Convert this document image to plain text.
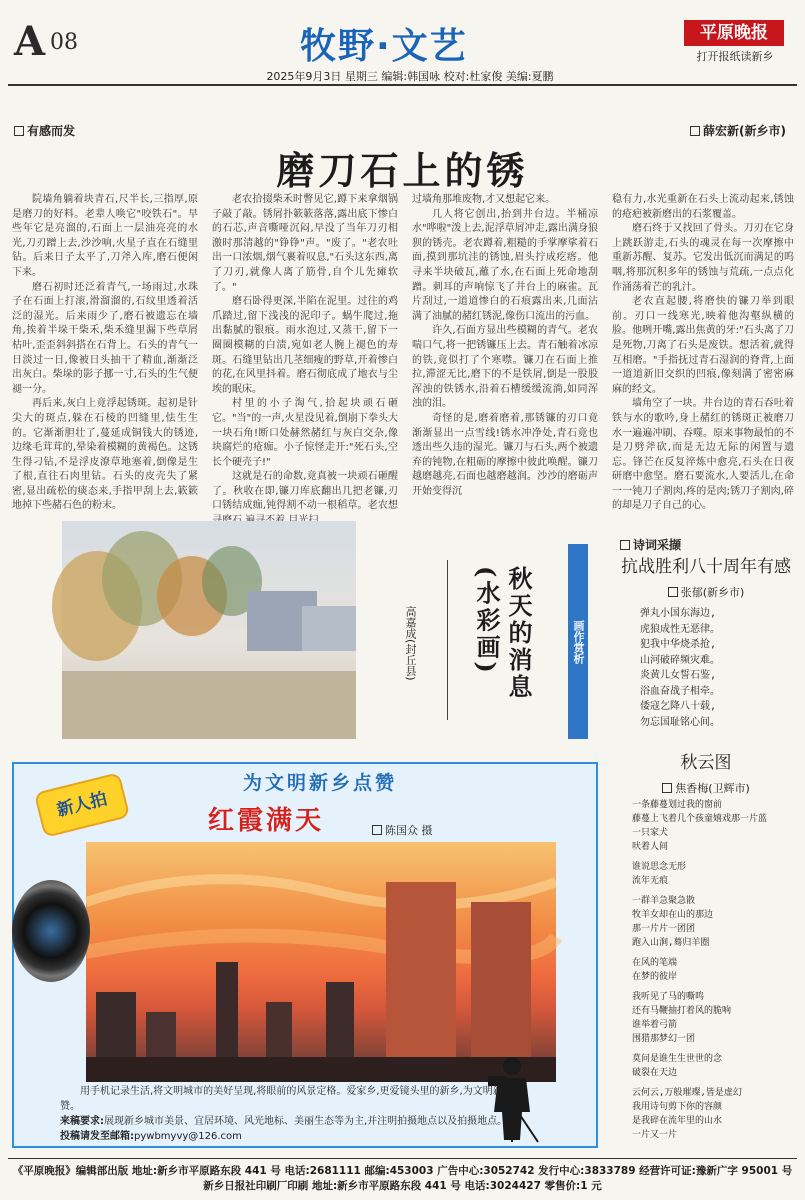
A 08	牧野·文艺	平原晚报
打开报纸读新乡
2025年9月3日 星期三 编辑:韩国咏 校对:杜家俊 美编:夏鹏
有感而发	薛宏新(新乡市)
磨刀石上的锈

院墙角躺着块青石,尺半长,三指厚,原是磨刀的好料。老辈人唤它"咬铁石"。早些年它是亮溜的,石面上一层油亮亮的水光,刀刃蹭上去,沙沙响,火星子直在石缝里钻。后来日子太平了,刀斧入库,磨石便闲下来。

磨石初时还泛着青气,一场雨过,水珠子在石面上打滚,滑溜溜的,石纹里透着活泛的湿光。后来雨少了,磨石被遗忘在墙角,挨着半垛干柴禾,柴禾缝里漏下些草屑枯叶,歪歪斜斜搭在石背上。石头的青气一日淡过一日,像被日头抽干了精血,渐渐泛出灰白。柴垛的影子挪一寸,石头的生气便褪一分。

再后来,灰白上竟浮起锈斑。起初是针尖大的斑点,躲在石棱的凹缝里,怯生生的。它渐渐胆壮了,蔓延成铜钱大的锈迹,边缘毛茸茸的,晕染着模糊的黄褐色。这锈生得刁钻,不是浮皮潦草地塞着,倒像是生了根,直往石肉里钻。石头的皮壳失了紧密,显出疏松的痰态来,手指甲刮上去,簌簌地掉下些赭石色的粉末。

老农拾掇柴禾时瞥见它,蹲下来拿烟锅子敲了敲。锈屑扑簌簌落落,露出底下惨白的石芯,声音嘶哑沉闷,早没了当年刀刃相激时那清越的"铮铮"声。"废了。"老农吐出一口浓烟,烟气裹着叹息,"石头这东西,离了刀刃,就像人离了筋骨,自个儿先瘫软了。"

磨石卧得更深,半陷在泥里。过往的鸡爪踏过,留下浅浅的泥印子。蜗牛爬过,拖出黏腻的银痕。雨水泡过,又蒸干,留下一圈圈模糊的白渍,宛如老人腕上褪色的寿斑。石缝里钻出几茎细瘦的野草,开着惨白的花,在风里抖着。磨石彻底成了地衣与尘埃的眠床。

村里的小子淘气,拾起块顽石砸它。"当"的一声,火星没见着,倒崩下拳头大一块石角!断口处赫然赭红与灰白交杂,像块腐烂的疮痂。小子惊怪走开:"死石头,空长个硬壳子!"

这就是石的命数,竟真被一块顽石砸醒了。秋收在即,镰刀库底翻出几把老镰,刃口锈结成痂,钝得割不动一根稻草。老农想

过墙角那堆废物,才又想起它来。

几人将它创出,抬到井台边。半桶凉水"哗啦"泼上去,泥浮草屑冲走,露出满身狼狈的锈壳。老农蹲着,粗糙的手掌摩挲着石面,摸到那坑洼的锈蚀,眉头拧成疙瘩。他寻来半块破瓦,蘸了水,在石面上死命地刮蹭。刺耳的声响惊飞了井台上的麻雀。瓦片刮过,一道道惨白的石痕露出来,几面沾满了油腻的赭红锈泥,像伤口流出的污血。

许久,石面方显出些模糊的青气。老农喘口气,将一把锈镰压上去。青石触着冰凉的铁,竟似打了个寒噤。镰刀在石面上推拉,滞涩无比,磨下的不是铁屑,倒是一股股浑浊的铁锈水,沿着石槽缓缓流淌,如同浑浊的泪。

奇怪的是,磨着磨着,那锈镰的刃口竟渐渐显出一点雪线!锈水冲净处,青石竟也透出些久违的湿光。镰刀与石头,两个被遗弃的钝物,在粗砺的摩擦中彼此唤醒。镰刀越磨越亮,石面也越磨越润。沙沙的磨砺声开始变得沉

稳有力,水光重新在石头上流动起来,锈蚀的疮疤被新磨出的石浆覆盖。

磨石终于又找回了骨头。刀刃在它身上跳跃游走,石头的魂灵在每一次摩擦中重新苏醒、复苏。它发出低沉而满足的呜咽,将那沉积多年的锈蚀与荒疏,一点点化作涌荡着芒的乳汁。

老农直起腰,将磨快的镰刀举到眼前。刃口一线寒光,映着他沟壑纵横的脸。他咧开嘴,露出焦黄的牙:"石头离了刀是死物,刀离了石头是废铁。想活着,就得互相磨。"手指抚过青石湿润的脊背,上面一道道新旧交织的凹痕,像刻满了密密麻麻的经文。

墙角空了一块。井台边的青石吞吐着铁与水的歌吟,身上赭红的锈斑正被磨刀水一遍遍冲刷、吞噬。原来事物最怕的不是刀劈斧砍,而是无边无际的闲置与遗忘。锋芒在反复淬炼中愈亮,石头在日夜研磨中愈坚。磨石要流水,人要活儿,在命一一钝刀子割肉,疼的是肉;锈刀子割肉,碎的却是刀子自己的心。

画作赏析
秋天的消息(水彩画)
高嘉成(封丘县)
诗词采撷
抗战胜利八十周年有感
张郁(新乡市)
弹丸小国东海边,
虎狼成性无恶律。
犯我中华烧杀抢,
山河破碎频灾难。
炎黄儿女誓石鉴,
浴血奋战子相牵。
倭寇乞降八十载,
勿忘国耻铭心间。
秋云图
焦香梅(卫辉市)
一条藤蔓划过我的窗前
藤蔓上飞着几个孩童嬉戏那一片蓝
一只家犬
吠着人间
谁说思念无形
流年无痕
一群羊急聚急散
牧羊女却在山的那边
那一片片一团团
跑入山涧,蓦归羊圈
在风的笔端
在梦的彼岸
我听见了马的嘶鸣
还有马鞭抽打着风的脆响
谁举着弓箭
围猎那梦幻一团
莫问是谁生生世世的念
破裂在天边
云何云,万般璀璨,皆是虚幻
我用诗句剪下你的容颜
是我碎在流年里的山水
一片又一片
为文明新乡点赞
新人拍
红霞满天	陈国众 摄
用手机记录生活,将文明城市的美好呈现,将眼前的风景定格。爱家乡,更爱镜头里的新乡,为文明新乡点赞。
来稿要求:展现新乡城市美景、宜居环境、风光地标、美丽生态等为主,并注明拍摄地点以及拍摄地点。
投稿请发至邮箱:pywbmyvy@126.com
《平原晚报》编辑部出版 地址:新乡市平原路东段 441 号 电话:2681111 邮编:453003 广告中心:3052742 发行中心:3833789 经营许可证:豫新广字 95001 号
新乡日报社印刷厂印刷 地址:新乡市平原路东段 441 号 电话:3024427 零售价:1 元
